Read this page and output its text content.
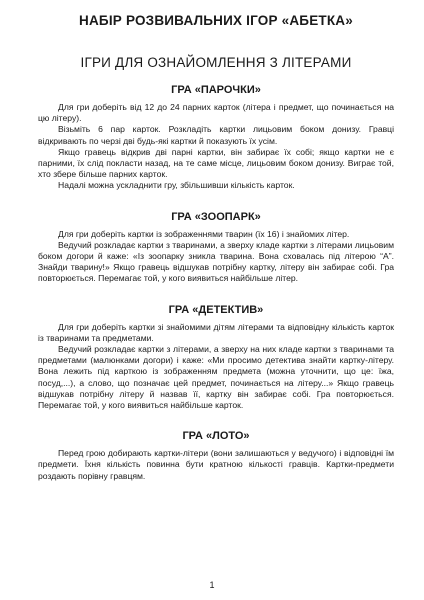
НАБІР РОЗВИВАЛЬНИХ ІГОР «АБЕТКА»
ІГРИ ДЛЯ ОЗНАЙОМЛЕННЯ З ЛІТЕРАМИ
ГРА «ПАРОЧКИ»

Для гри доберіть від 12 до 24 парних карток (літера і предмет, що починається на цю літеру).

Візьміть 6 пар карток. Розкладіть картки лицьовим боком донизу. Гравці відкривають по черзі дві будь-які картки й показують їх усім.

Якщо гравець відкрив дві парні картки, він забирає їх собі; якщо картки не є парними, їх слід покласти назад, на те саме місце, лицьовим боком донизу. Виграє той, хто збере більше парних карток.

Надалі можна ускладнити гру, збільшивши кількість карток.

ГРА «ЗООПАРК»

Для гри доберіть картки із зображеннями тварин (їх 16) і знайомих літер.

Ведучий розкладає картки з тваринами, а зверху кладе картки з літерами лицьовим боком догори й каже: «Із зоопарку зникла тварина. Вона сховалась під літерою “А”. Знайди тварину!» Якщо гравець відшукав потрібну картку, літеру він забирає собі. Гра повторюється. Перемагає той, у кого виявиться найбільше літер.

ГРА «ДЕТЕКТИВ»

Для гри доберіть картки зі знайомими дітям літерами та відповідну кількість карток із тваринами та предметами.

Ведучий розкладає картки з літерами, а зверху на них кладе картки з тваринами та предметами (малюнками догори) і каже: «Ми просимо детектива знайти картку-літеру. Вона лежить під карткою із зображенням предмета (можна уточнити, що це: їжа, посуд,...), а слово, що позначає цей предмет, починається на літеру...» Якщо гравець відшукав потрібну літеру й назвав її, картку він забирає собі. Гра повторюється. Перемагає той, у кого виявиться найбільше карток.

ГРА «ЛОТО»

Перед грою добирають картки-літери (вони залишаються у ведучого) і відповідні їм предмети. Їхня кількість повинна бути кратною кількості гравців. Картки-предмети роздають порівну гравцям.

1
